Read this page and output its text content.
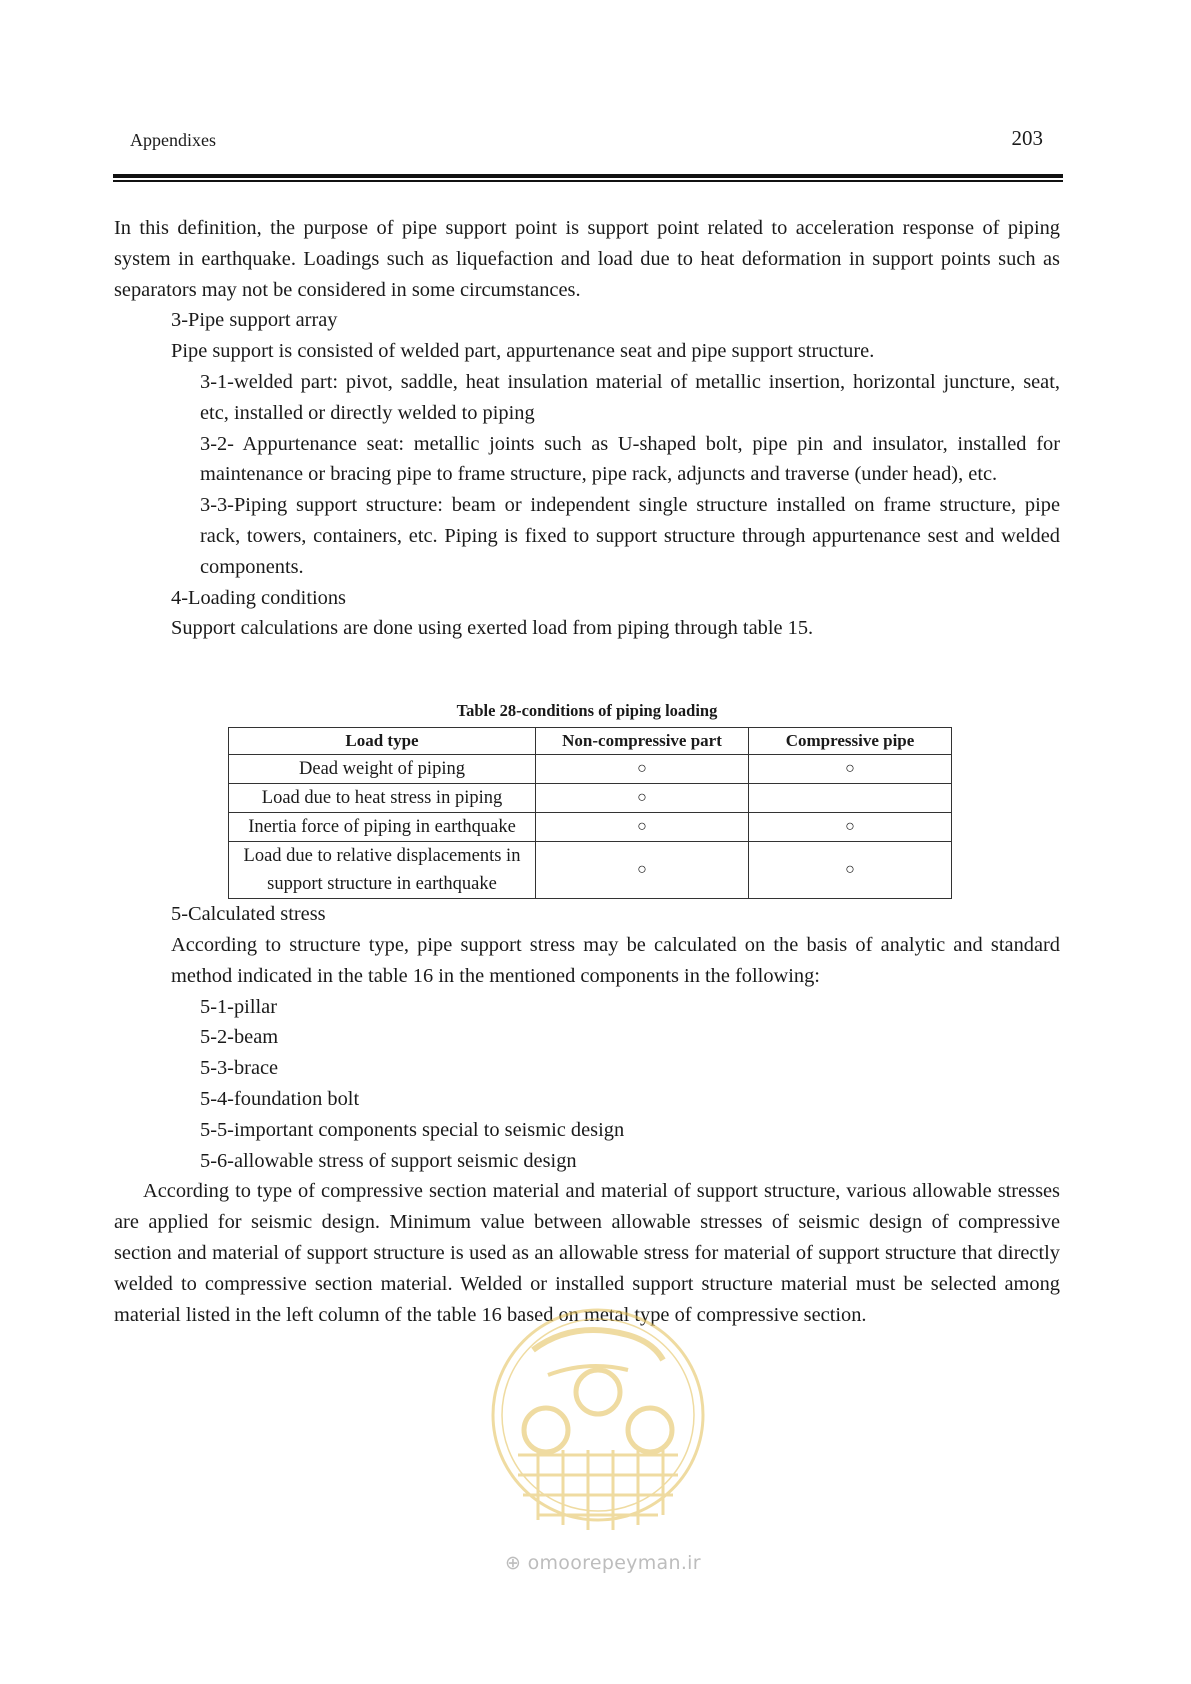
Appendixes	203

In this definition, the purpose of pipe support point is support point related to acceleration response of piping system in earthquake. Loadings such as liquefaction and load due to heat deformation in support points such as separators may not be considered in some circumstances.

3-Pipe support array

Pipe support is consisted of welded part, appurtenance seat and pipe support structure.

3-1-welded part: pivot, saddle, heat insulation material of metallic insertion, horizontal juncture, seat, etc, installed or directly welded to piping

3-2- Appurtenance seat: metallic joints such as U-shaped bolt, pipe pin and insulator, installed for maintenance or bracing pipe to frame structure, pipe rack, adjuncts and traverse (under head), etc.

3-3-Piping support structure: beam or independent single structure installed on frame structure, pipe rack, towers, containers, etc. Piping is fixed to support structure through appurtenance sest and welded components.

4-Loading conditions

Support calculations are done using exerted load from piping through table 15.

Table 28-conditions of piping loading
Load type	Non-compressive part	Compressive pipe
Dead weight of piping	○	○
Load due to heat stress in piping	○	
Inertia force of piping in earthquake	○	○
Load due to relative displacements in support structure in earthquake	○	○

5-Calculated stress

According to structure type, pipe support stress may be calculated on the basis of analytic and standard method indicated in the table 16 in the mentioned components in the following:

5-1-pillar

5-2-beam

5-3-brace

5-4-foundation bolt

5-5-important components special to seismic design

5-6-allowable stress of support seismic design

According to type of compressive section material and material of support structure, various allowable stresses are applied for seismic design. Minimum value between allowable stresses of seismic design of compressive section and material of support structure is used as an allowable stress for material of support structure that directly welded to compressive section material. Welded or installed support structure material must be selected among material listed in the left column of the table 16 based on metal type of compressive section.

⊕ omoorepeyman.ir
